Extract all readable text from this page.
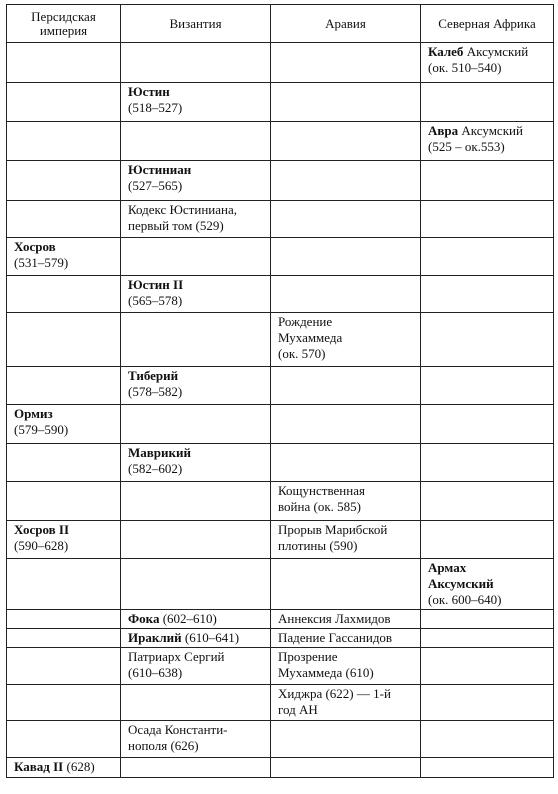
Персидская империя	Византия	Аравия	Северная Африка

			Калеб Аксумский
(ок. 510–540)

	Юстин
(518–527)		

			Авра Аксумский
(525 – ок.553)

	Юстиниан
(527–565)		

	Кодекс Юстиниана,
первый том (529)		

Хосров
(531–579)			

	Юстин II
(565–578)		

		Рождение
Мухаммеда
(ок. 570)	

	Тиберий
(578–582)		

Ормиз
(579–590)			

	Маврикий
(582–602)		

		Кощунственная
война (ок. 585)	

Хосров II
(590–628)		Прорыв Марибской
плотины (590)	

			Армах
Аксумский
(ок. 600–640)

	Фока (602–610)	Аннексия Лахмидов	

	Ираклий (610–641)	Падение Гассанидов	

	Патриарх Сергий
(610–638)	Прозрение
Мухаммеда (610)	

		Хиджра (622) — 1-й
год АН	

	Осада Константи-
нополя (626)		

Кавад II (628)			
